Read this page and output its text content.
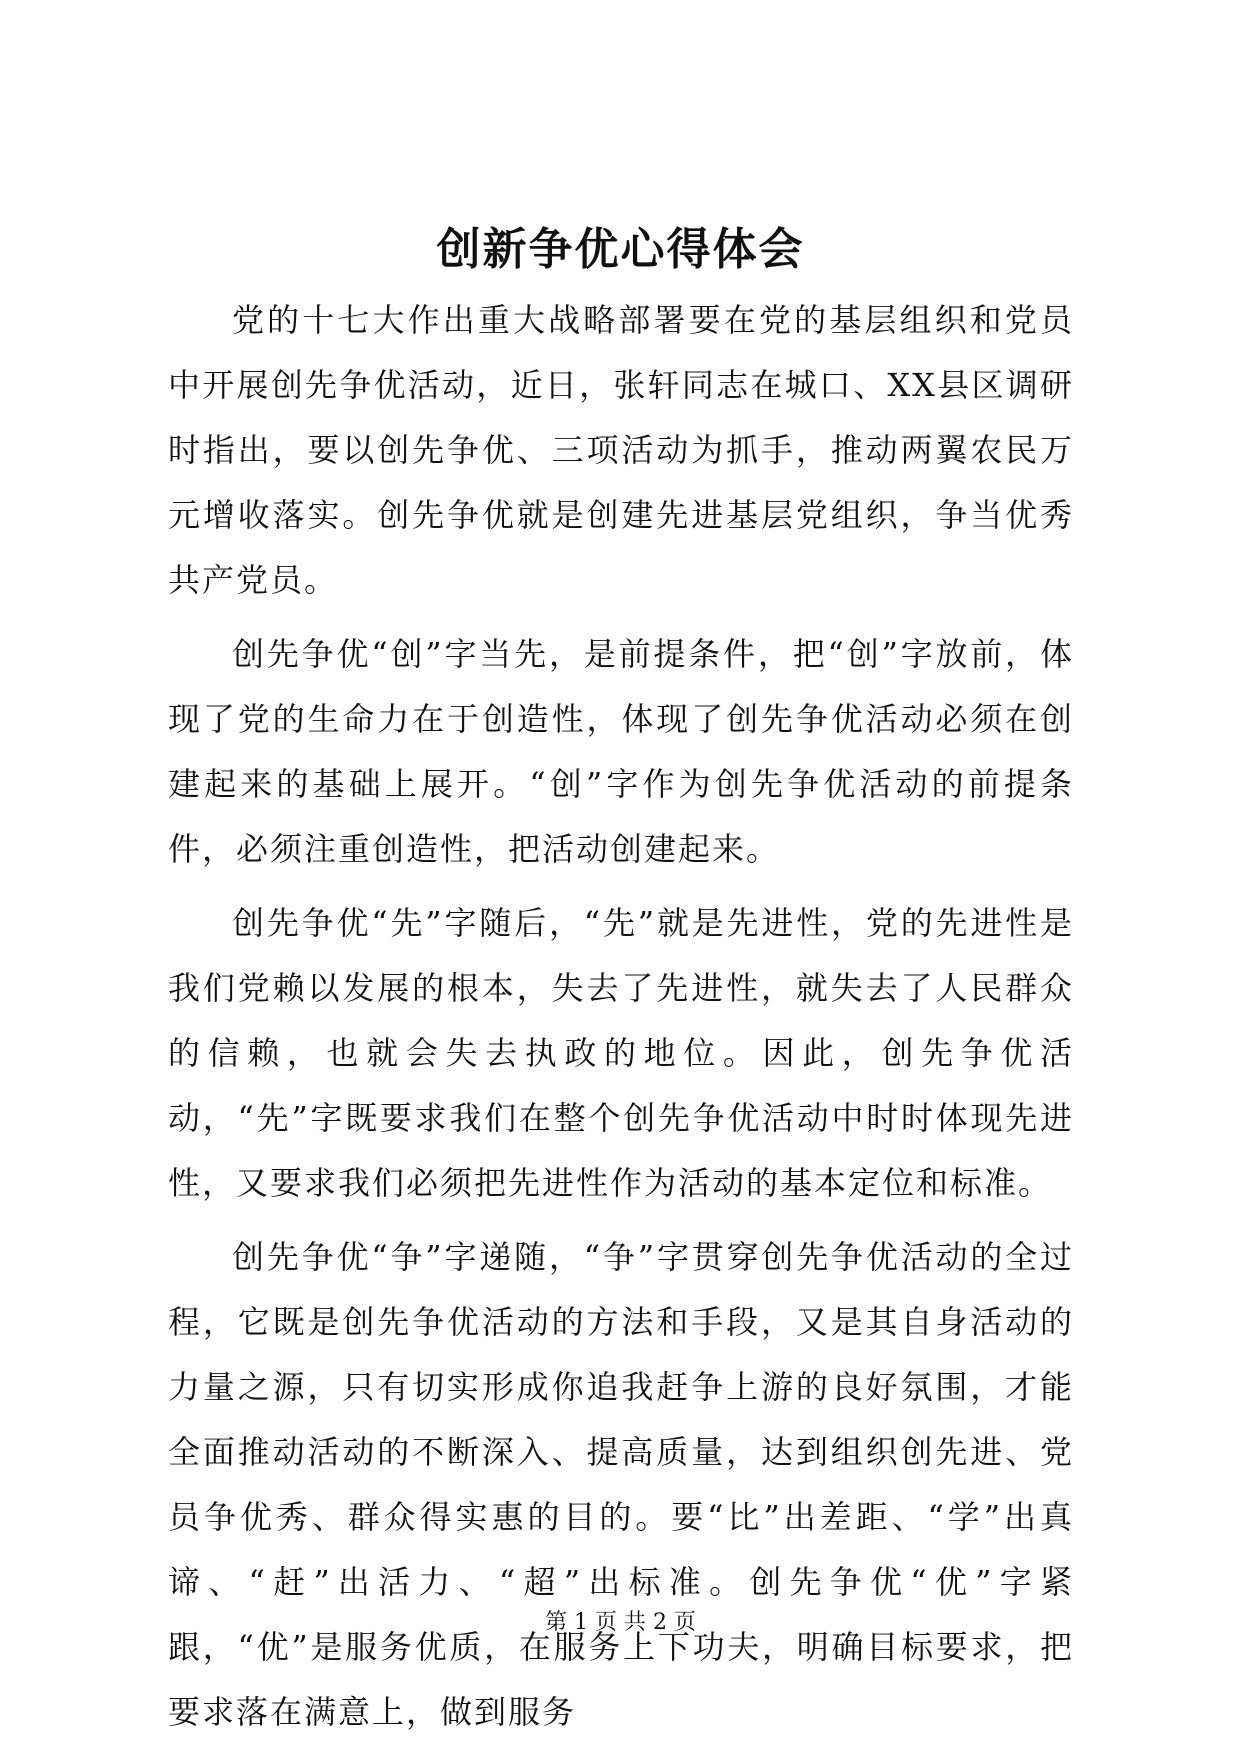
创新争优心得体会

党的十七大作出重大战略部署要在党的基层组织和党员中开展创先争优活动，近日，张轩同志在城口、XX县区调研时指出，要以创先争优、三项活动为抓手，推动两翼农民万元增收落实。创先争优就是创建先进基层党组织，争当优秀共产党员。

创先争优“创”字当先，是前提条件，把“创”字放前，体现了党的生命力在于创造性，体现了创先争优活动必须在创建起来的基础上展开。“创”字作为创先争优活动的前提条件，必须注重创造性，把活动创建起来。

创先争优“先”字随后，“先”就是先进性，党的先进性是我们党赖以发展的根本，失去了先进性，就失去了人民群众的信赖，也就会失去执政的地位。因此，创先争优活动，“先”字既要求我们在整个创先争优活动中时时体现先进性，又要求我们必须把先进性作为活动的基本定位和标准。

创先争优“争”字递随，“争”字贯穿创先争优活动的全过程，它既是创先争优活动的方法和手段，又是其自身活动的力量之源，只有切实形成你追我赶争上游的良好氛围，才能全面推动活动的不断深入、提高质量，达到组织创先进、党员争优秀、群众得实惠的目的。要“比”出差距、“学”出真谛、“赶”出活力、“超”出标准。创先争优“优”字紧跟，“优”是服务优质，在服务上下功夫，明确目标要求，把要求落在满意上，做到服务

第 1 页 共 2 页
